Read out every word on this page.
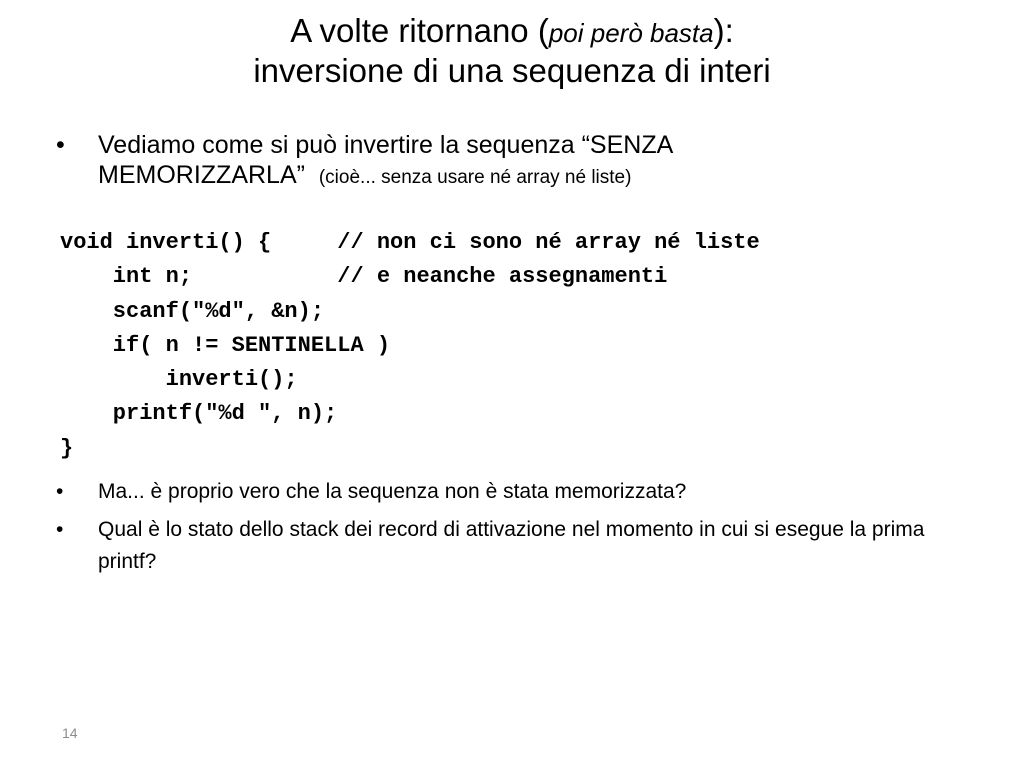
A volte ritornano (poi però basta):
inversione di una sequenza di interi
•	Vediamo come si può invertire la sequenza “SENZA MEMORIZZARLA” (cioè... senza usare né array né liste)
void inverti() {     // non ci sono né array né liste
int n;           // e neanche assegnamenti
scanf("%d", &n);
if( n != SENTINELLA )
inverti();
printf("%d ", n);
}
•	Ma... è proprio vero che la sequenza non è stata memorizzata?
•	Qual è lo stato dello stack dei record di attivazione nel momento in cui si esegue la prima printf?
14
